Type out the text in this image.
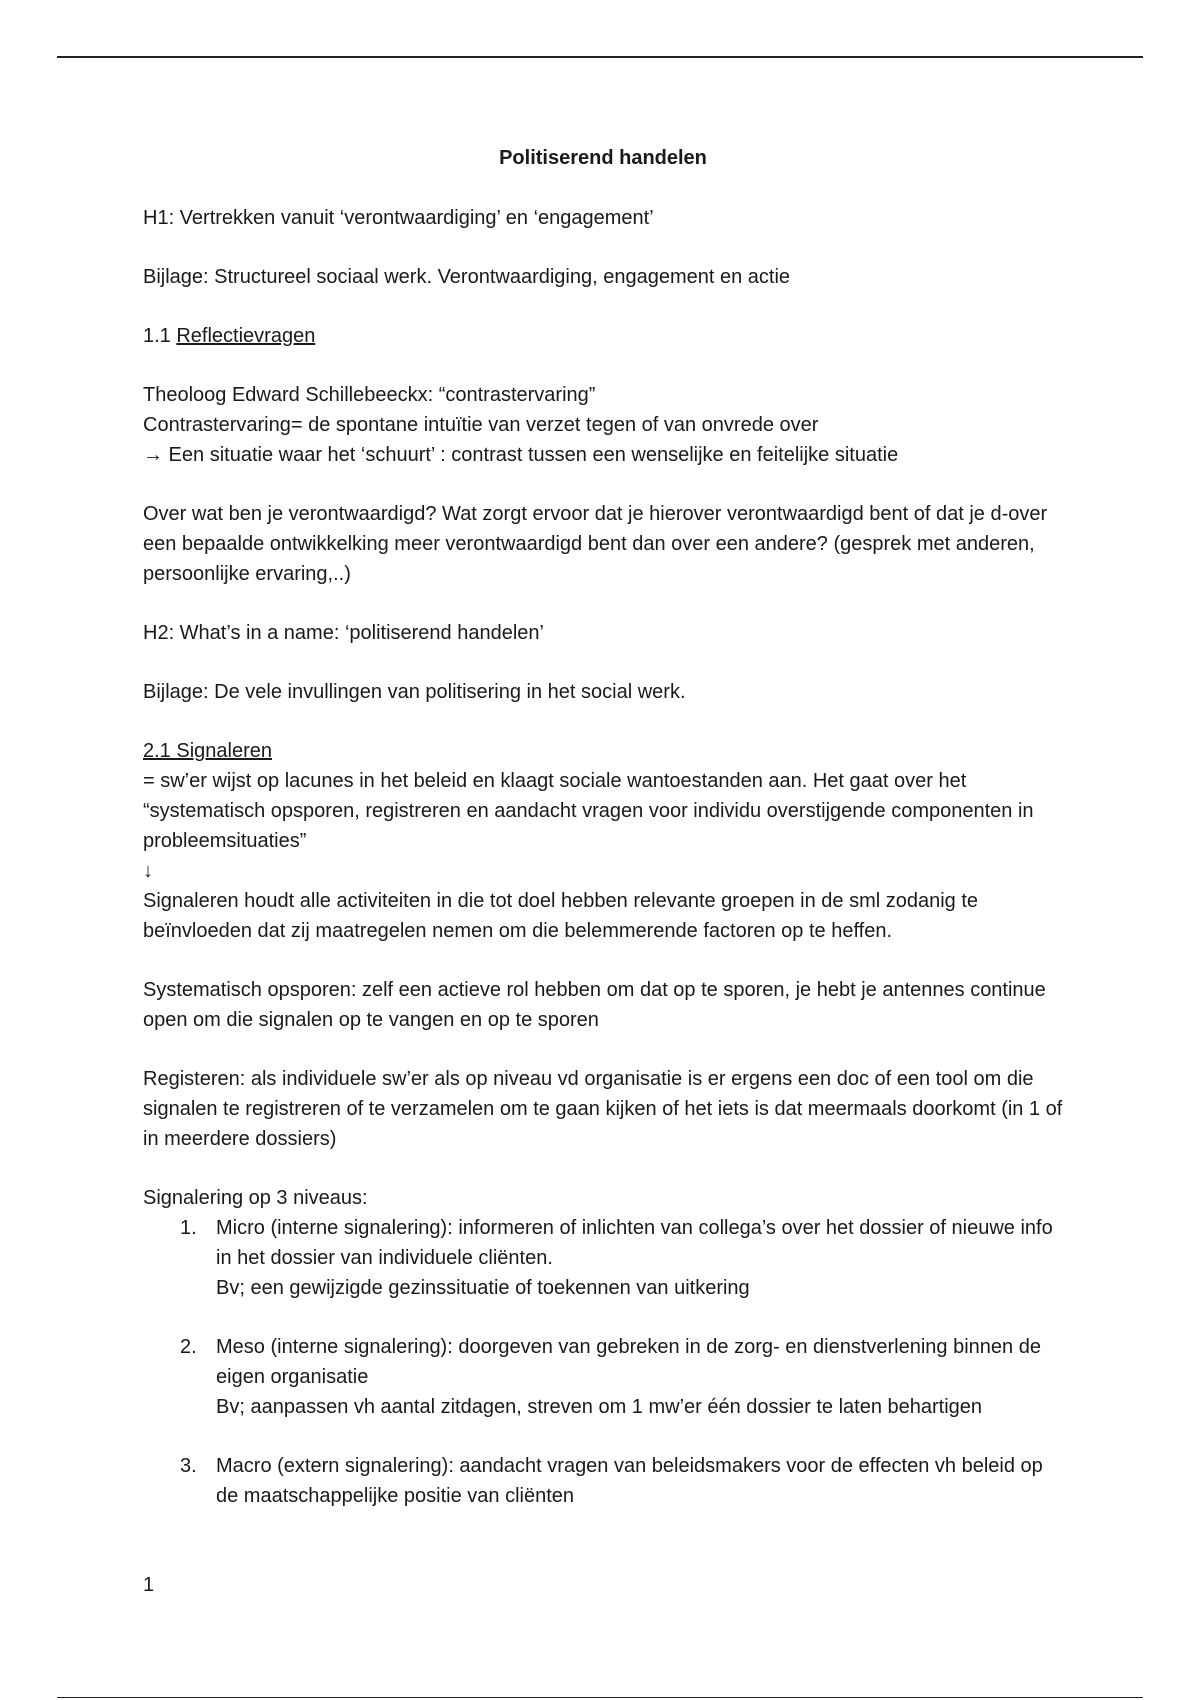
Politiserend handelen

H1: Vertrekken vanuit ‘verontwaardiging’ en ‘engagement’

Bijlage: Structureel sociaal werk. Verontwaardiging, engagement en actie

1.1 Reflectievragen

Theoloog Edward Schillebeeckx: “contrastervaring”

Contrastervaring= de spontane intuïtie van verzet tegen of van onvrede over

→ Een situatie waar het ‘schuurt’ : contrast tussen een wenselijke en feitelijke situatie

Over wat ben je verontwaardigd? Wat zorgt ervoor dat je hierover verontwaardigd bent of dat je d-over een bepaalde ontwikkelking meer verontwaardigd bent dan over een andere? (gesprek met anderen, persoonlijke ervaring,..)

H2: What’s in a name: ‘politiserend handelen’

Bijlage: De vele invullingen van politisering in het social werk.

2.1 Signaleren

= sw’er wijst op lacunes in het beleid en klaagt sociale wantoestanden aan. Het gaat over het “systematisch opsporen, registreren en aandacht vragen voor individu overstijgende componenten in probleemsituaties”

↓

Signaleren houdt alle activiteiten in die tot doel hebben relevante groepen in de sml zodanig te beïnvloeden dat zij maatregelen nemen om die belemmerende factoren op te heffen.

Systematisch opsporen: zelf een actieve rol hebben om dat op te sporen, je hebt je antennes continue open om die signalen op te vangen en op te sporen

Registeren: als individuele sw’er als op niveau vd organisatie is er ergens een doc of een tool om die signalen te registreren of te verzamelen om te gaan kijken of het iets is dat meermaals doorkomt (in 1 of in meerdere dossiers)

Signalering op 3 niveaus:

1. Micro (interne signalering): informeren of inlichten van collega’s over het dossier of nieuwe info in het dossier van individuele cliënten.

Bv; een gewijzigde gezinssituatie of toekennen van uitkering

2. Meso (interne signalering): doorgeven van gebreken in de zorg- en dienstverlening binnen de eigen organisatie

Bv; aanpassen vh aantal zitdagen, streven om 1 mw’er één dossier te laten behartigen

3. Macro (extern signalering): aandacht vragen van beleidsmakers voor de effecten vh beleid op de maatschappelijke positie van cliënten

1
